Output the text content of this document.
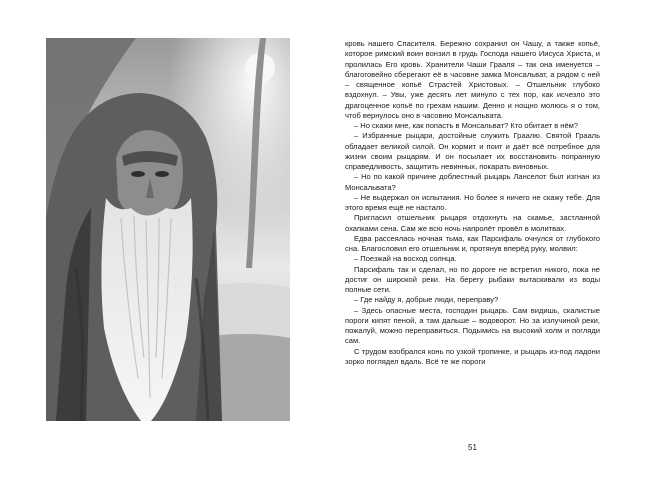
кровь нашего Спасителя. Бережно сохранил он Чашу, а также копьё, которое римский воин вонзил в грудь Господа нашего Иисуса Христа, и пролилась Его кровь. Хранители Чаши Грааля – так она именуется – благоговейно сберегают её в часовне замка Монсальват, а рядом с ней – священное копьё Страстей Христовых. – Отшельник глубоко вздохнул. – Увы, уже десять лет минуло с тех пор, как исчезло это драгоценное копьё по грехам нашим. Денно и нощно молюсь я о том, чтоб вернулось оно в часовню Монсальвата.

– Но скажи мне, как попасть в Монсальват? Кто обитает в нём?

– Избранные рыцари, достойные служить Граалю. Святой Грааль обладает великой силой. Он кормит и поит и даёт всё потребное для жизни своим рыцарям. И он посылает их восстановить попранную справедливость, защитить невинных, покарать виновных.

– Но по какой причине доблестный рыцарь Ланселот был изгнан из Монсальвата?

– Не выдержал он испытания. Но более я ничего не скажу тебе. Для этого время ещё не настало.

Пригласил отшельник рыцаря отдохнуть на скамье, застланной охапками сена. Сам же всю ночь напролёт провёл в молитвах.

Едва рассеялась ночная тьма, как Парсифаль очнулся от глубокого сна. Благословил его отшельник и, протянув вперёд руку, молвил:

– Поезжай на восход солнца.

Парсифаль так и сделал, но по дороге не встретил никого, пока не достиг он широкой реки. На берегу рыбаки вытаскивали из воды полные сети.

– Где найду я, добрые люди, переправу?

– Здесь опасные места, господин рыцарь. Сам видишь, скалистые пороги кипят пеной, а там дальше – водоворот. Но за излучиной реки, пожалуй, можно переправиться. Подымись на высокий холм и погляди сам.

С трудом взобрался конь по узкой тропинке, и рыцарь из-под ладони зорко поглядел вдаль. Всё те же пороги

51
